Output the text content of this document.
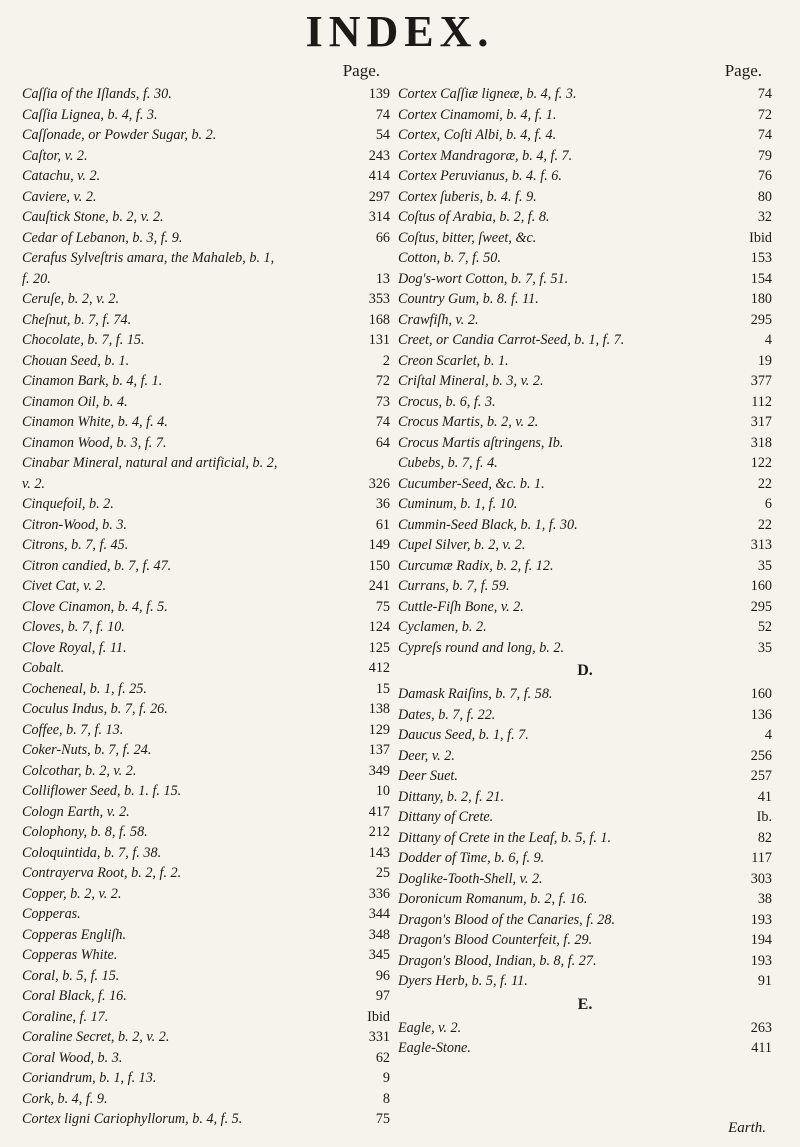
INDEX.
Page.
Caſſia of the Iſlands, f. 30.	139
Caſſia Lignea, b. 4, f. 3.	74
Caſſonade, or Powder Sugar, b. 2.	54
Caſtor, v. 2.	243
Catachu, v. 2.	414
Caviere, v. 2.	297
Cauſtick Stone, b. 2, v. 2.	314
Cedar of Lebanon, b. 3, f. 9.	66
Cerafus Sylveſtris amara, the Mahaleb, b. 1,
f. 20.	13
Ceruſe, b. 2, v. 2.	353
Cheſnut, b. 7, f. 74.	168
Chocolate, b. 7, f. 15.	131
Chouan Seed, b. 1.	2
Cinamon Bark, b. 4, f. 1.	72
Cinamon Oil, b. 4.	73
Cinamon White, b. 4, f. 4.	74
Cinamon Wood, b. 3, f. 7.	64
Cinabar Mineral, natural and artificial, b. 2,
v. 2.	326
Cinquefoil, b. 2.	36
Citron-Wood, b. 3.	61
Citrons, b. 7, f. 45.	149
Citron candied, b. 7, f. 47.	150
Civet Cat, v. 2.	241
Clove Cinamon, b. 4, f. 5.	75
Cloves, b. 7, f. 10.	124
Clove Royal, f. 11.	125
Cobalt.	412
Cocheneal, b. 1, f. 25.	15
Coculus Indus, b. 7, f. 26.	138
Coffee, b. 7, f. 13.	129
Coker-Nuts, b. 7, f. 24.	137
Colcothar, b. 2, v. 2.	349
Colliflower Seed, b. 1. f. 15.	10
Cologn Earth, v. 2.	417
Colophony, b. 8, f. 58.	212
Coloquintida, b. 7, f. 38.	143
Contrayerva Root, b. 2, f. 2.	25
Copper, b. 2, v. 2.	336
Copperas.	344
Copperas Engliſh.	348
Copperas White.	345
Coral, b. 5, f. 15.	96
Coral Black, f. 16.	97
Coraline, f. 17.	Ibid
Coraline Secret, b. 2, v. 2.	331
Coral Wood, b. 3.	62
Coriandrum, b. 1, f. 13.	9
Cork, b. 4, f. 9.	8
Cortex ligni Cariophyllorum, b. 4, f. 5.	75
Page.
Cortex Caſſiæ ligneæ, b. 4, f. 3.	74
Cortex Cinamomi, b. 4, f. 1.	72
Cortex, Coſti Albi, b. 4, f. 4.	74
Cortex Mandragoræ, b. 4, f. 7.	79
Cortex Peruvianus, b. 4. f. 6.	76
Cortex ſuberis, b. 4. f. 9.	80
Coſtus of Arabia, b. 2, f. 8.	32
Coſtus, bitter, ſweet, &c.	Ibid
Cotton, b. 7, f. 50.	153
Dog's-wort Cotton, b. 7, f. 51.	154
Country Gum, b. 8. f. 11.	180
Crawfiſh, v. 2.	295
Creet, or Candia Carrot-Seed, b. 1, f. 7.	4
Creon Scarlet, b. 1.	19
Criſtal Mineral, b. 3, v. 2.	377
Crocus, b. 6, f. 3.	112
Crocus Martis, b. 2, v. 2.	317
Crocus Martis aſtringens, Ib.	318
Cubebs, b. 7, f. 4.	122
Cucumber-Seed, &c. b. 1.	22
Cuminum, b. 1, f. 10.	6
Cummin-Seed Black, b. 1, f. 30.	22
Cupel Silver, b. 2, v. 2.	313
Curcumæ Radix, b. 2, f. 12.	35
Currans, b. 7, f. 59.	160
Cuttle-Fiſh Bone, v. 2.	295
Cyclamen, b. 2.	52
Cypreſs round and long, b. 2.	35
D.
Damask Raiſins, b. 7, f. 58.	160
Dates, b. 7, f. 22.	136
Daucus Seed, b. 1, f. 7.	4
Deer, v. 2.	256
Deer Suet.	257
Dittany, b. 2, f. 21.	41
Dittany of Crete.	Ib.
Dittany of Crete in the Leaf, b. 5, f. 1.	82
Dodder of Time, b. 6, f. 9.	117
Doglike-Tooth-Shell, v. 2.	303
Doronicum Romanum, b. 2, f. 16.	38
Dragon's Blood of the Canaries, f. 28.	193
Dragon's Blood Counterfeit, f. 29.	194
Dragon's Blood, Indian, b. 8, f. 27.	193
Dyers Herb, b. 5, f. 11.	91
E.
Eagle, v. 2.	263
Eagle-Stone.	411
Earth.
